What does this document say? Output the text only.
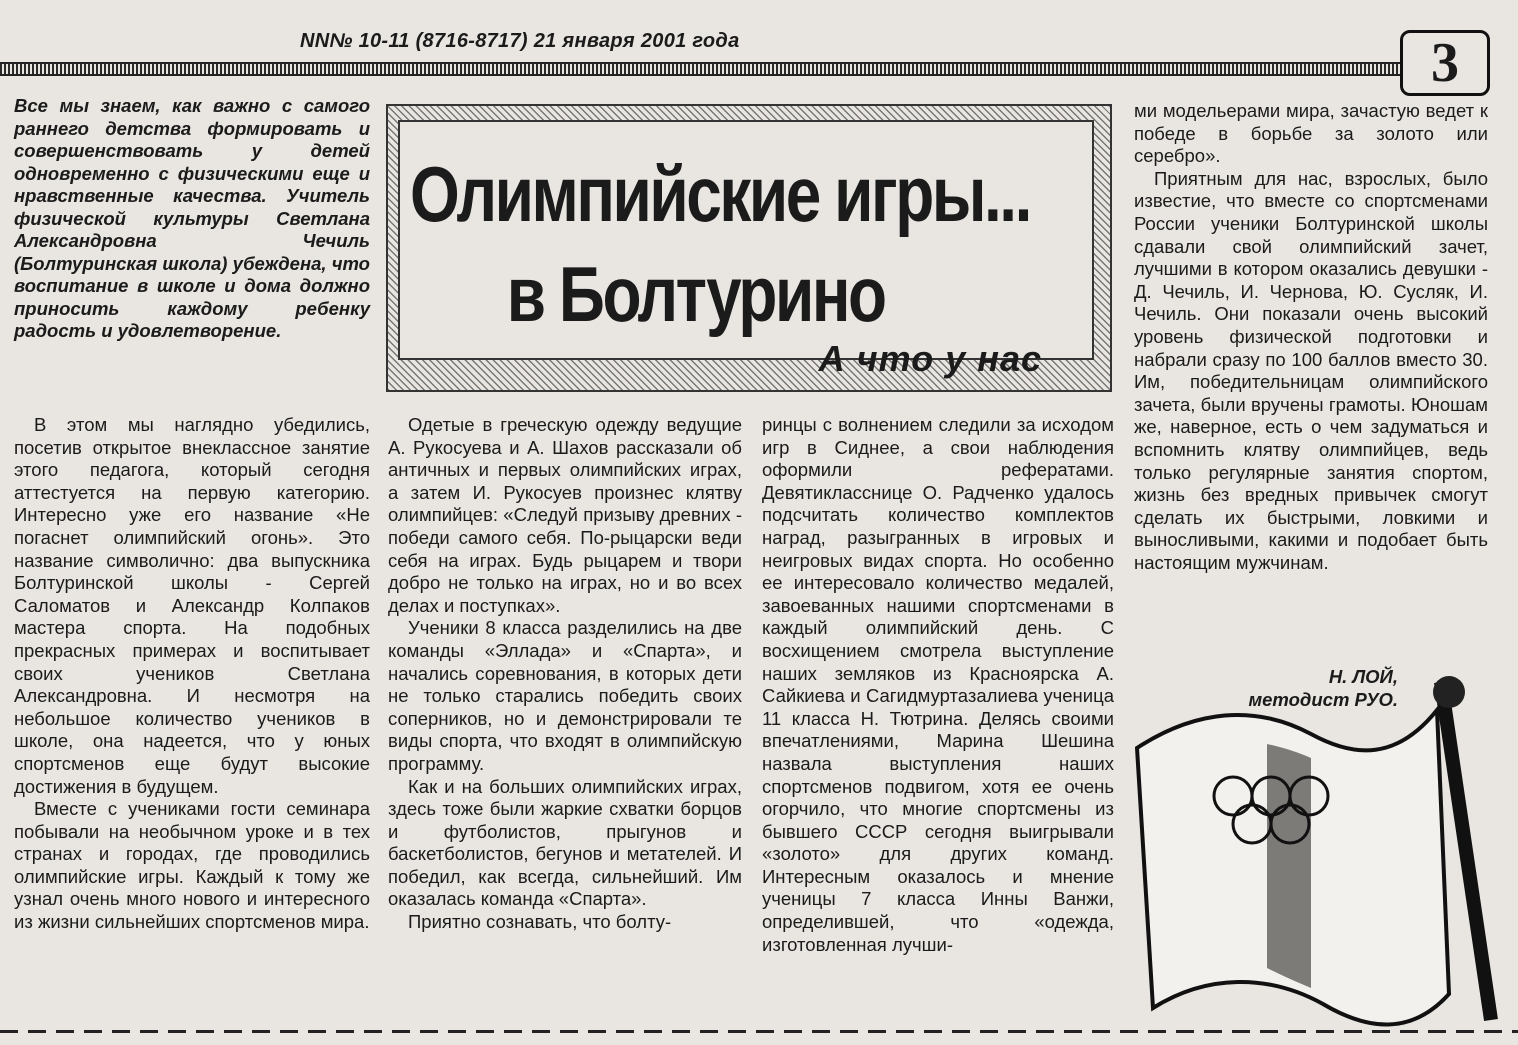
NN№ 10-11 (8716-8717) 21 января 2001 года	3
Все мы знаем, как важно с самого раннего детства формировать и совершенствовать у детей одновременно с физическими еще и нравственные качества. Учитель физической культуры Светлана Александровна Чечиль (Болтуринская школа) убеждена, что воспитание в школе и дома должно приносить каждому ребенку радость и удовлетворение.

В этом мы наглядно убедились, посетив открытое внеклассное занятие этого педагога, который сегодня аттестуется на первую категорию. Интересно уже его название «Не погаснет олимпийский огонь». Это название символично: два выпускника Болтуринской школы - Сергей Саломатов и Александр Колпаков мастера спорта. На подобных прекрасных примерах и воспитывает своих учеников Светлана Александровна. И несмотря на небольшое количество учеников в школе, она надеется, что у юных спортсменов еще будут высокие достижения в будущем.

Вместе с учениками гости семинара побывали на необычном уроке и в тех странах и городах, где проводились олимпийские игры. Каждый к тому же узнал очень много нового и интересного из жизни сильнейших спортсменов мира.

Олимпийские игры...
в Болтурино
А что у нас

Одетые в греческую одежду ведущие А. Рукосуева и А. Шахов рассказали об античных и первых олимпийских играх, а затем И. Рукосуев произнес клятву олимпийцев: «Следуй призыву древних - победи самого себя. По-рыцарски веди себя на играх. Будь рыцарем и твори добро не только на играх, но и во всех делах и поступках».

Ученики 8 класса разделились на две команды «Эллада» и «Спарта», и начались соревнования, в которых дети не только старались победить своих соперников, но и демонстрировали те виды спорта, что входят в олимпийскую программу.

Как и на больших олимпийских играх, здесь тоже были жаркие схватки борцов и футболистов, прыгунов и баскетболистов, бегунов и метателей. И победил, как всегда, сильнейший. Им оказалась команда «Спарта».

Приятно сознавать, что болту-

ринцы с волнением следили за исходом игр в Сиднее, а свои наблюдения оформили рефератами. Девятикласснице О. Радченко удалось подсчитать количество комплектов наград, разыгранных в игровых и неигровых видах спорта. Но особенно ее интересовало количество медалей, завоеванных нашими спортсменами в каждый олимпийский день. С восхищением смотрела выступление наших земляков из Красноярска А. Сайкиева и Сагидмуртазалиева ученица 11 класса Н. Тютрина. Делясь своими впечатлениями, Марина Шешина назвала выступления наших спортсменов подвигом, хотя ее очень огорчило, что многие спортсмены из бывшего СССР сегодня выигрывали «золото» для других команд. Интересным оказалось и мнение ученицы 7 класса Инны Ванжи, определившей, что «одежда, изготовленная лучши-

ми модельерами мира, зачастую ведет к победе в борьбе за золото или серебро».

Приятным для нас, взрослых, было известие, что вместе со спортсменами России ученики Болтуринской школы сдавали свой олимпийский зачет, лучшими в котором оказались девушки - Д. Чечиль, И. Чернова, Ю. Сусляк, И. Чечиль. Они показали очень высокий уровень физической подготовки и набрали сразу по 100 баллов вместо 30. Им, победительницам олимпийского зачета, были вручены грамоты. Юношам же, наверное, есть о чем задуматься и вспомнить клятву олимпийцев, ведь только регулярные занятия спортом, жизнь без вредных привычек смогут сделать их быстрыми, ловкими и выносливыми, какими и подобает быть настоящим мужчинам.

Н. ЛОЙ,
методист РУО.
